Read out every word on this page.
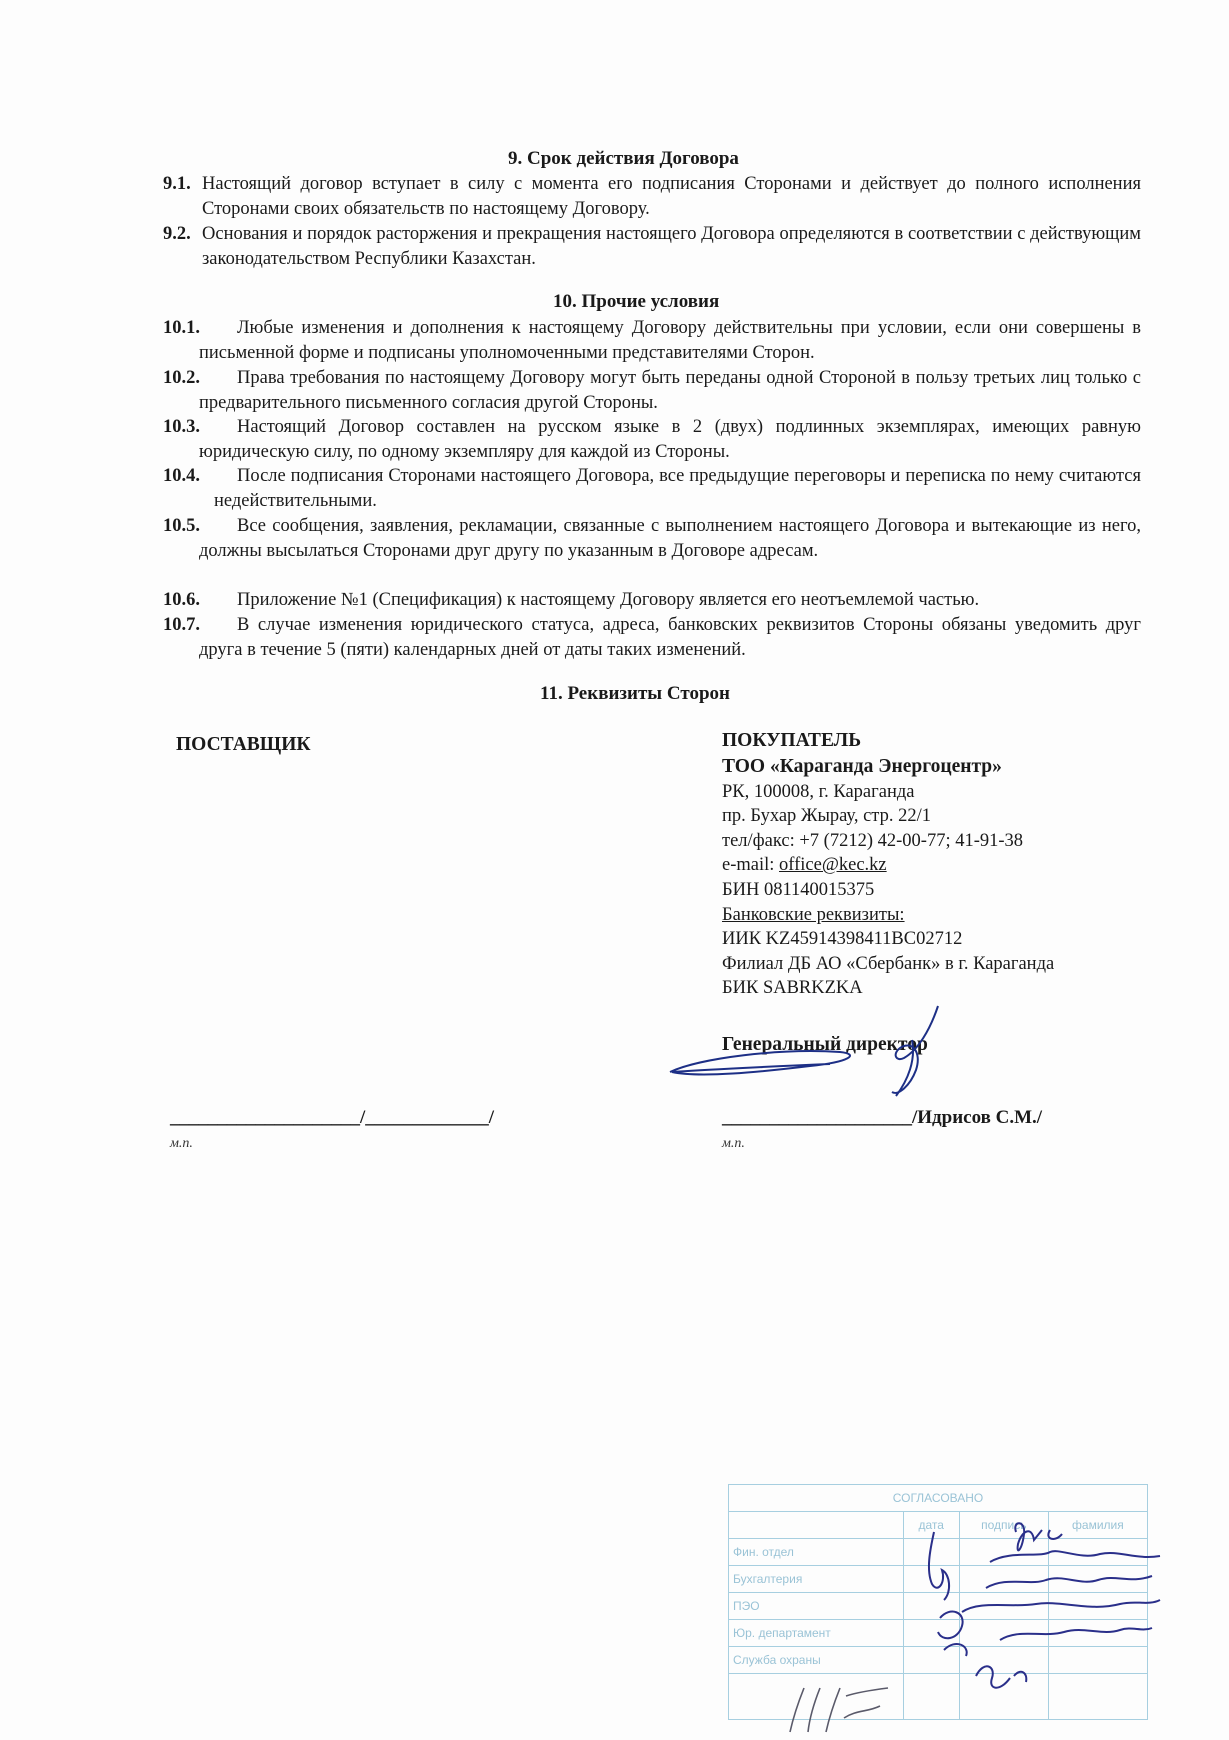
9. Срок действия Договора
9.1. Настоящий договор вступает в силу с момента его подписания Сторонами и действует до полного исполнения Сторонами своих обязательств по настоящему Договору.
9.2. Основания и порядок расторжения и прекращения настоящего Договора определяются в соответствии с действующим законодательством Республики Казахстан.
10. Прочие условия
10.1.	Любые изменения и дополнения к настоящему Договору действительны при условии, если они совершены в письменной форме и подписаны уполномоченными представителями Сторон.
10.2.	Права требования по настоящему Договору могут быть переданы одной Стороной в пользу третьих лиц только с предварительного письменного согласия другой Стороны.
10.3.	Настоящий Договор составлен на русском языке в 2 (двух) подлинных экземплярах, имеющих равную юридическую силу, по одному экземпляру для каждой из Стороны.
10.4.	После подписания Сторонами настоящего Договора, все предыдущие переговоры и переписка по нему считаются недействительными.
10.5.	Все сообщения, заявления, рекламации, связанные с выполнением настоящего Договора и вытекающие из него, должны высылаться Сторонами друг другу по указанным в Договоре адресам.
10.6.	Приложение №1 (Спецификация) к настоящему Договору является его неотъемлемой частью.
10.7.	В случае изменения юридического статуса, адреса, банковских реквизитов Стороны обязаны уведомить друг друга в течение 5 (пяти) календарных дней от даты таких изменений.
11. Реквизиты Сторон
ПОСТАВЩИК	ПОКУПАТЕЛЬ
ТОО «Караганда Энергоцентр»
РК, 100008, г. Караганда
пр. Бухар Жырау, стр. 22/1
тел/факс: +7 (7212) 42-00-77; 41-91-38
e-mail: office@kec.kz
БИН 081140015375
Банковские реквизиты:
ИИК KZ45914398411BC02712
Филиал ДБ АО «Сбербанк» в г. Караганда
БИК SABRKZKA
Генеральный директор
____________________/_____________/
м.п.
____________________/Идрисов С.М./
м.п.
СОГЛАСОВАНО			
	дата	подпись	фамилия
Фин. отдел			
Бухгалтерия			
ПЭО			
Юр. департамент			
Служба охраны			
